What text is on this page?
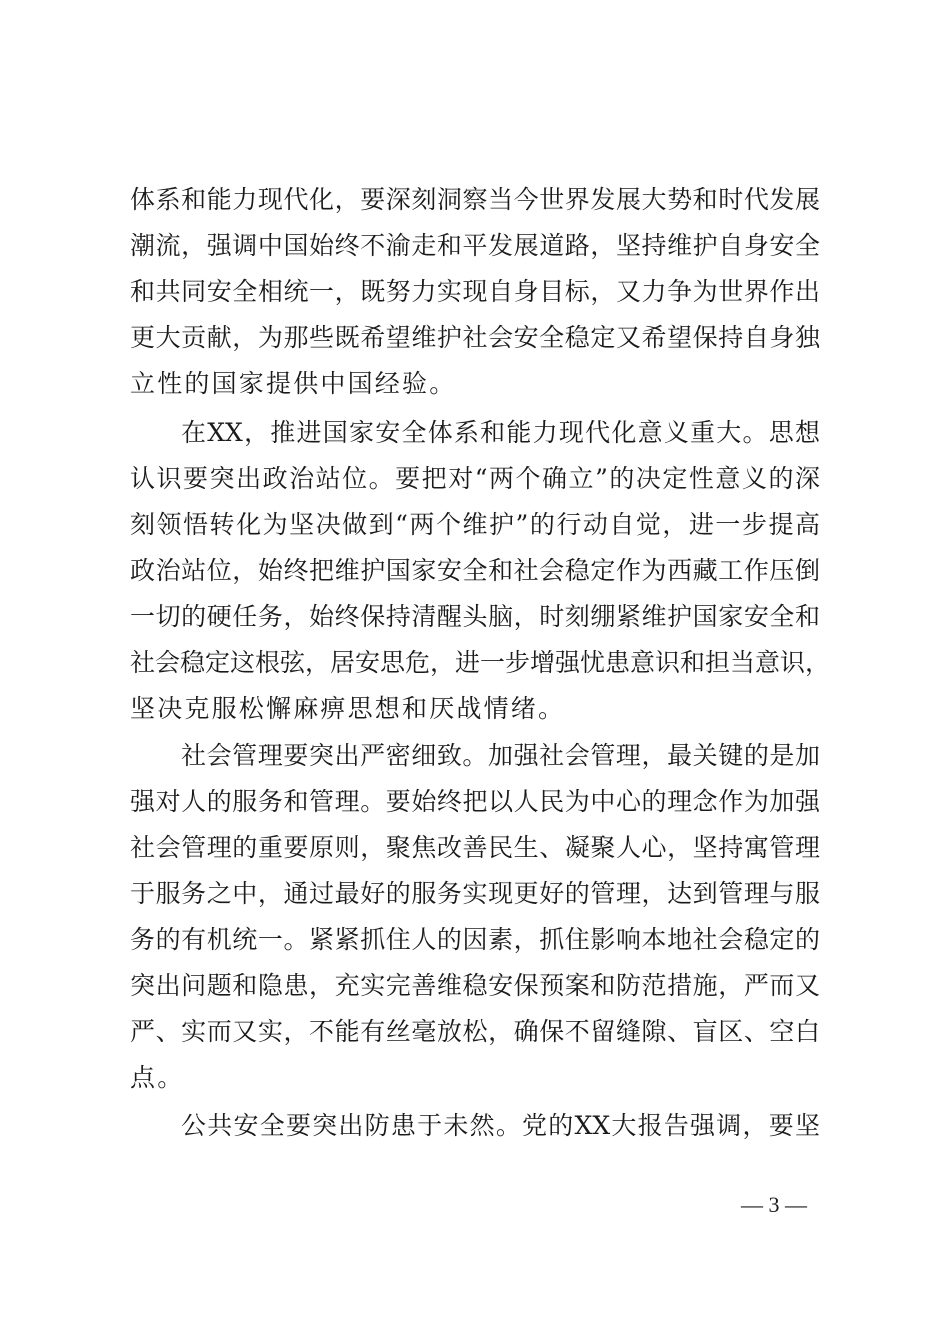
体系和能力现代化，要深刻洞察当今世界发展大势和时代发展
潮流，强调中国始终不渝走和平发展道路，坚持维护自身安全
和共同安全相统一，既努力实现自身目标，又力争为世界作出
更大贡献，为那些既希望维护社会安全稳定又希望保持自身独
立性的国家提供中国经验。
在XX，推进国家安全体系和能力现代化意义重大。思想
认识要突出政治站位。要把对“两个确立”的决定性意义的深
刻领悟转化为坚决做到“两个维护”的行动自觉，进一步提高
政治站位，始终把维护国家安全和社会稳定作为西藏工作压倒
一切的硬任务，始终保持清醒头脑，时刻绷紧维护国家安全和
社会稳定这根弦，居安思危，进一步增强忧患意识和担当意识，
坚决克服松懈麻痹思想和厌战情绪。
社会管理要突出严密细致。加强社会管理，最关键的是加
强对人的服务和管理。要始终把以人民为中心的理念作为加强
社会管理的重要原则，聚焦改善民生、凝聚人心，坚持寓管理
于服务之中，通过最好的服务实现更好的管理，达到管理与服
务的有机统一。紧紧抓住人的因素，抓住影响本地社会稳定的
突出问题和隐患，充实完善维稳安保预案和防范措施，严而又
严、实而又实，不能有丝毫放松，确保不留缝隙、盲区、空白
点。
公共安全要突出防患于未然。党的XX大报告强调，要坚
— 3 —
